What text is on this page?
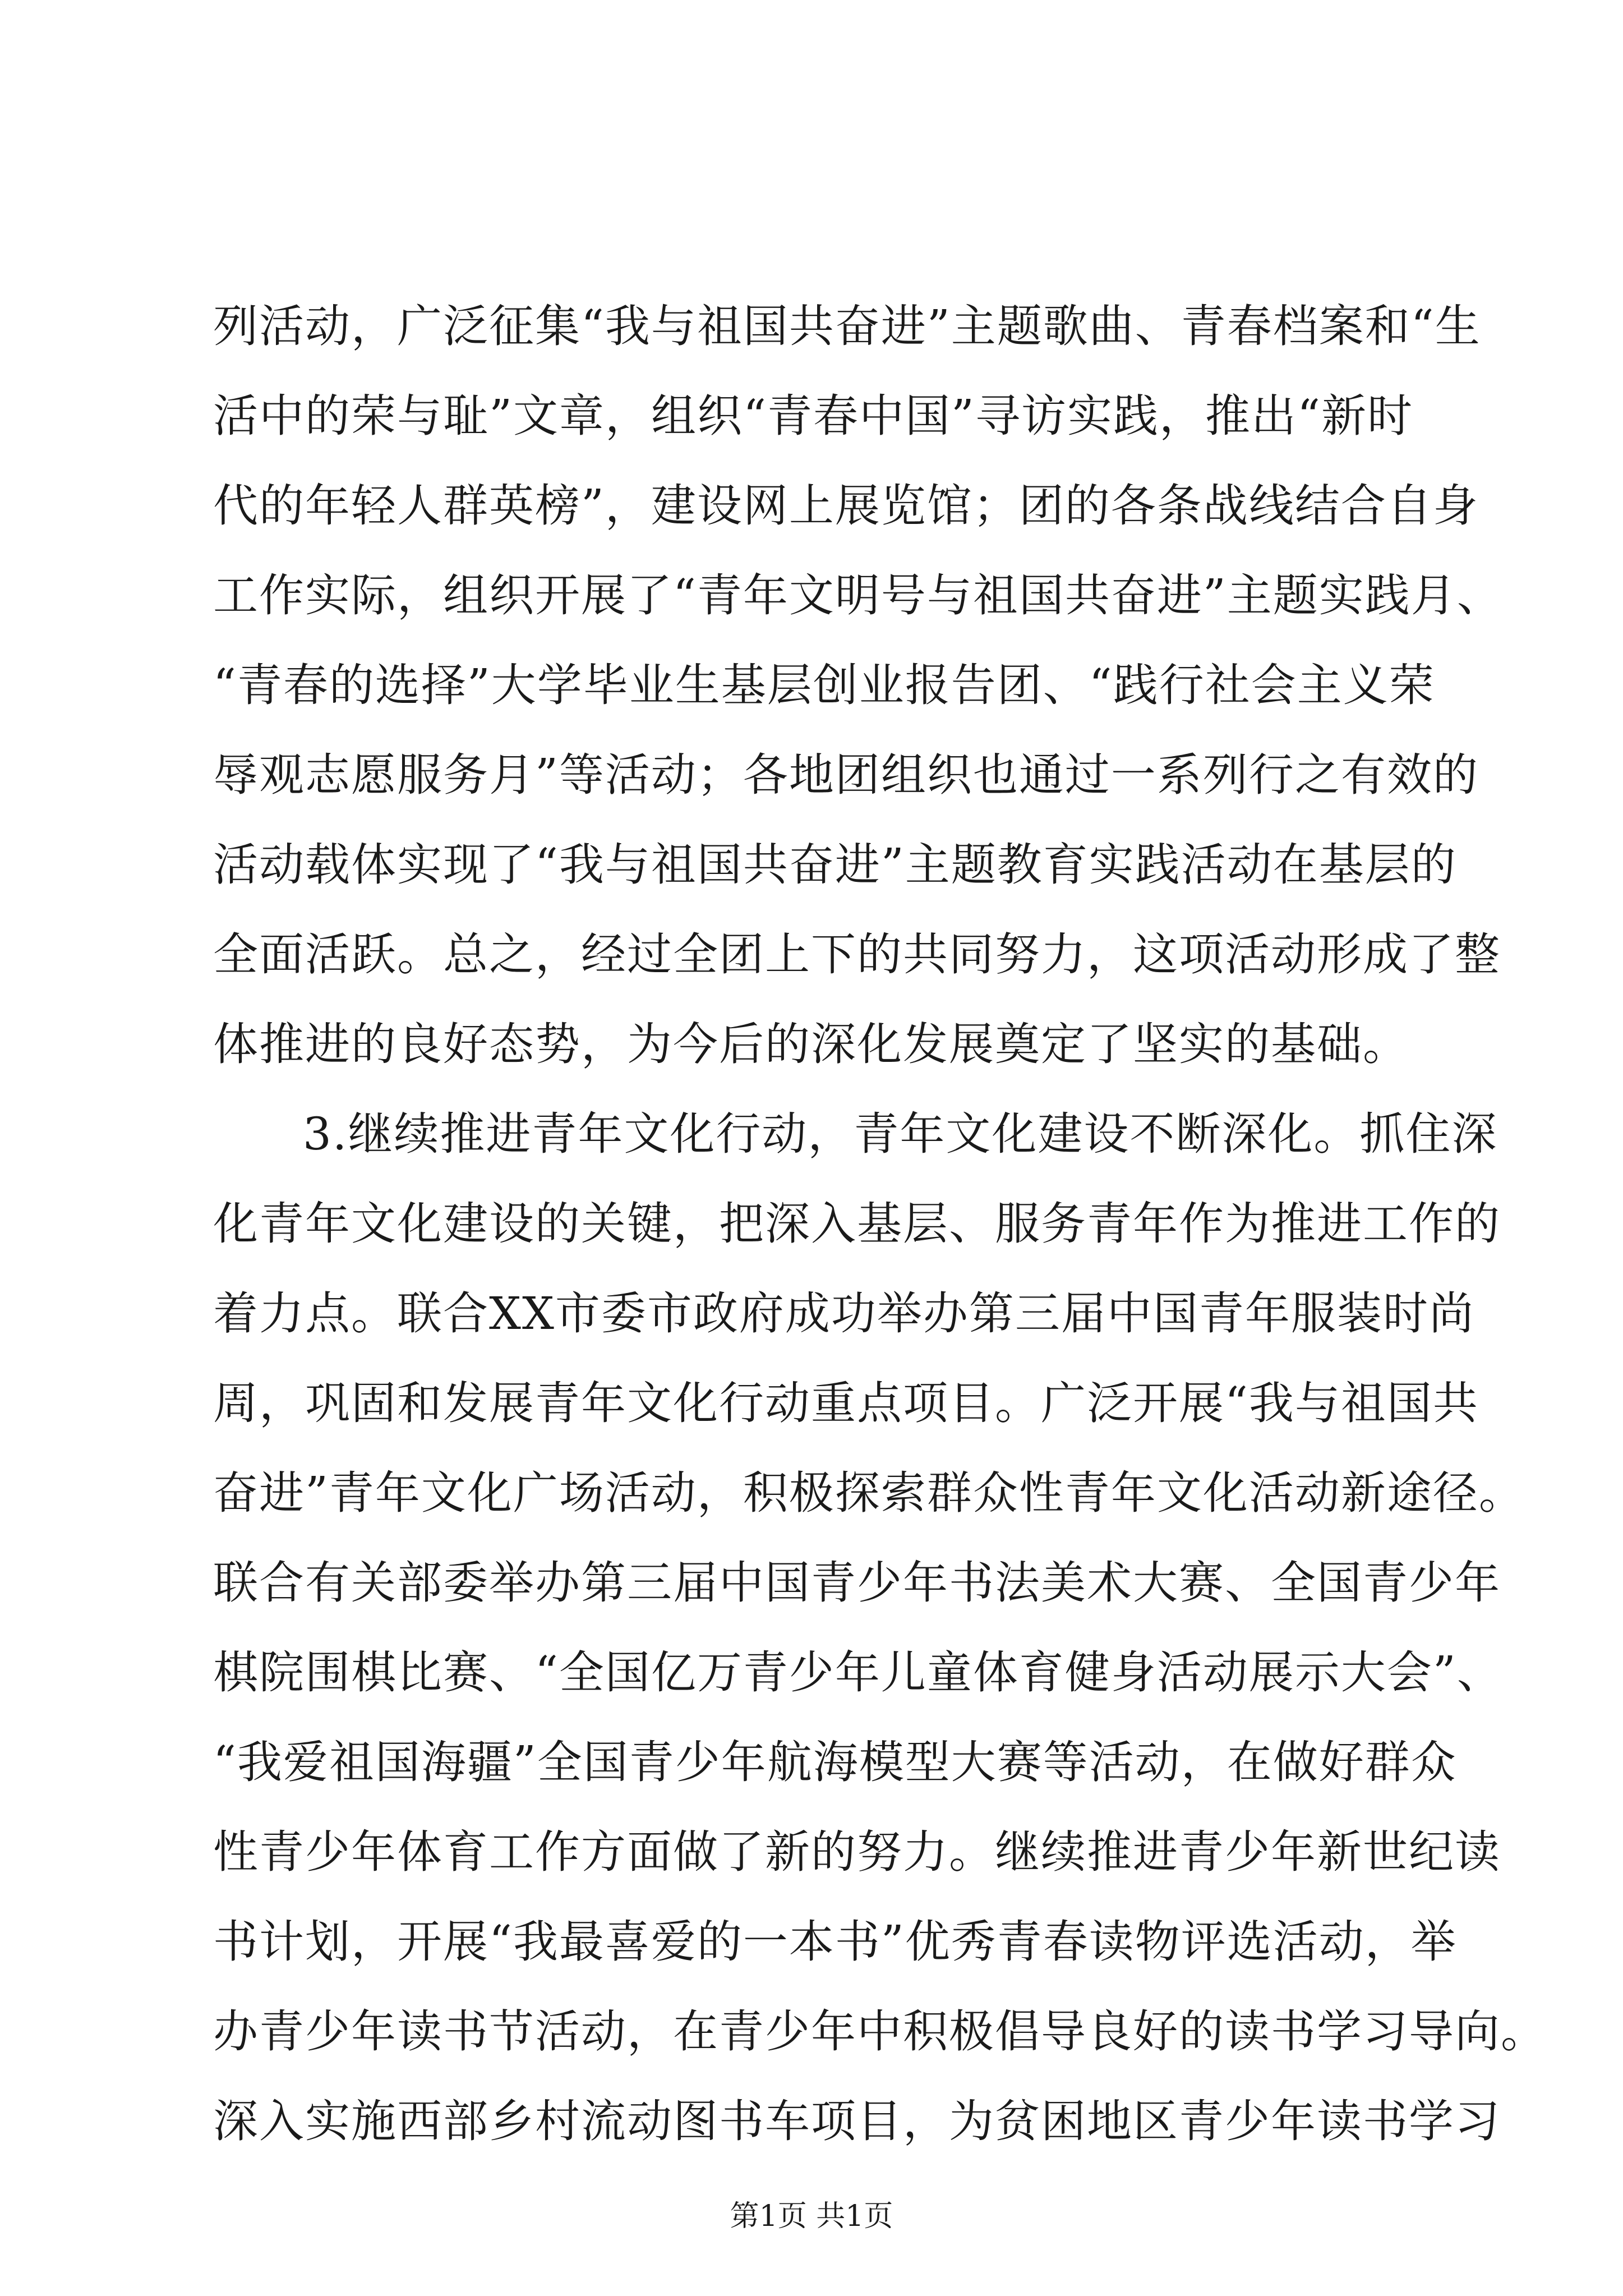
列活动，广泛征集“我与祖国共奋进”主题歌曲、青春档案和“生
活中的荣与耻”文章，组织“青春中国”寻访实践，推出“新时
代的年轻人群英榜”，建设网上展览馆；团的各条战线结合自身
工作实际，组织开展了“青年文明号与祖国共奋进”主题实践月、
“青春的选择”大学毕业生基层创业报告团、“践行社会主义荣
辱观志愿服务月”等活动；各地团组织也通过一系列行之有效的
活动载体实现了“我与祖国共奋进”主题教育实践活动在基层的
全面活跃。总之，经过全团上下的共同努力，这项活动形成了整
体推进的良好态势，为今后的深化发展奠定了坚实的基础。
3.继续推进青年文化行动，青年文化建设不断深化。抓住深
化青年文化建设的关键，把深入基层、服务青年作为推进工作的
着力点。联合XX市委市政府成功举办第三届中国青年服装时尚
周，巩固和发展青年文化行动重点项目。广泛开展“我与祖国共
奋进”青年文化广场活动，积极探索群众性青年文化活动新途径。
联合有关部委举办第三届中国青少年书法美术大赛、全国青少年
棋院围棋比赛、“全国亿万青少年儿童体育健身活动展示大会”、
“我爱祖国海疆”全国青少年航海模型大赛等活动，在做好群众
性青少年体育工作方面做了新的努力。继续推进青少年新世纪读
书计划，开展“我最喜爱的一本书”优秀青春读物评选活动，举
办青少年读书节活动，在青少年中积极倡导良好的读书学习导向。
深入实施西部乡村流动图书车项目，为贫困地区青少年读书学习
第1页 共1页
